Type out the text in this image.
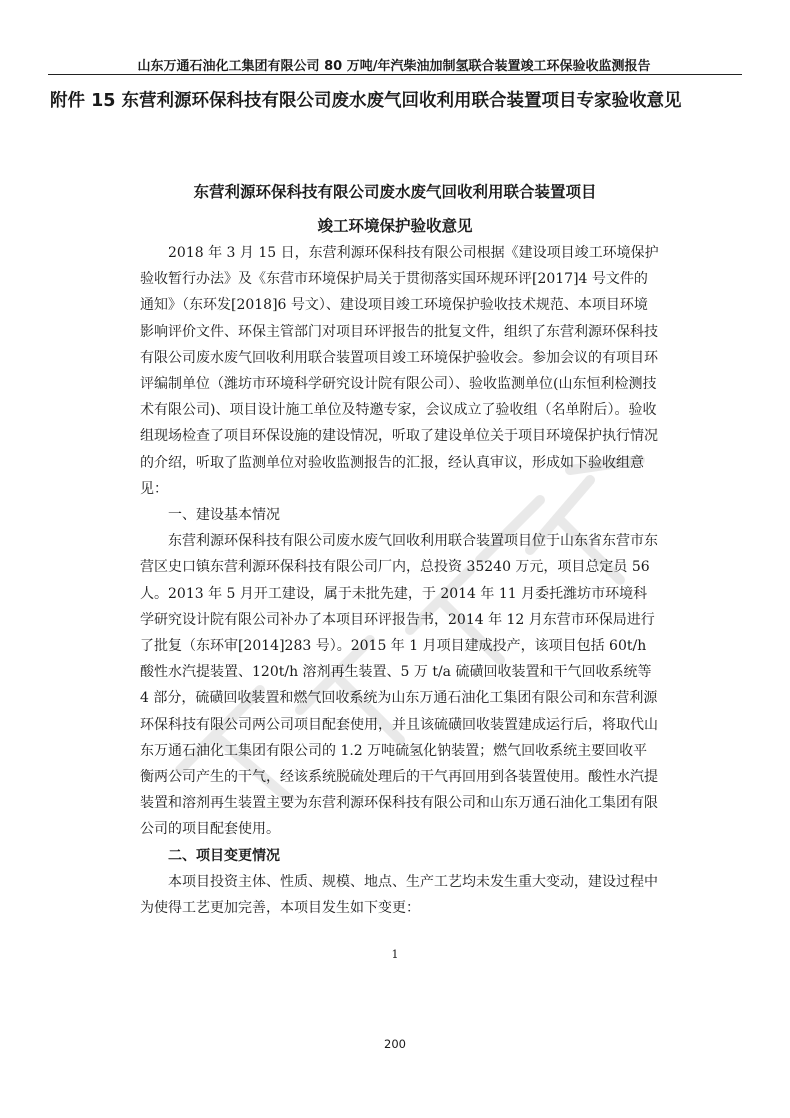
山东万通石油化工集团有限公司 80 万吨/年汽柴油加制氢联合装置竣工环保验收监测报告
附件 15 东营利源环保科技有限公司废水废气回收利用联合装置项目专家验收意见
东营利源环保科技有限公司废水废气回收利用联合装置项目
竣工环境保护验收意见

2018 年 3 月 15 日，东营利源环保科技有限公司根据《建设项目竣工环境保护验收暂行办法》及《东营市环境保护局关于贯彻落实国环规环评[2017]4 号文件的通知》（东环发[2018]6 号文）、建设项目竣工环境保护验收技术规范、本项目环境影响评价文件、环保主管部门对项目环评报告的批复文件，组织了东营利源环保科技有限公司废水废气回收利用联合装置项目竣工环境保护验收会。参加会议的有项目环评编制单位（潍坊市环境科学研究设计院有限公司）、验收监测单位(山东恒利检测技术有限公司)、项目设计施工单位及特邀专家，会议成立了验收组（名单附后）。验收组现场检查了项目环保设施的建设情况，听取了建设单位关于项目环境保护执行情况的介绍，听取了监测单位对验收监测报告的汇报，经认真审议，形成如下验收组意见：

一、建设基本情况

东营利源环保科技有限公司废水废气回收利用联合装置项目位于山东省东营市东营区史口镇东营利源环保科技有限公司厂内，总投资 35240 万元，项目总定员 56 人。2013 年 5 月开工建设，属于未批先建，于 2014 年 11 月委托潍坊市环境科学研究设计院有限公司补办了本项目环评报告书，2014 年 12 月东营市环保局进行了批复（东环审[2014]283 号）。2015 年 1 月项目建成投产，该项目包括 60t/h 酸性水汽提装置、120t/h 溶剂再生装置、5 万 t/a 硫磺回收装置和干气回收系统等 4 部分，硫磺回收装置和燃气回收系统为山东万通石油化工集团有限公司和东营利源环保科技有限公司两公司项目配套使用，并且该硫磺回收装置建成运行后，将取代山东万通石油化工集团有限公司的 1.2 万吨硫氢化钠装置；燃气回收系统主要回收平衡两公司产生的干气，经该系统脱硫处理后的干气再回用到各装置使用。酸性水汽提装置和溶剂再生装置主要为东营利源环保科技有限公司和山东万通石油化工集团有限公司的项目配套使用。

二、项目变更情况

本项目投资主体、性质、规模、地点、生产工艺均未发生重大变动，建设过程中为使得工艺更加完善，本项目发生如下变更：

1
200
